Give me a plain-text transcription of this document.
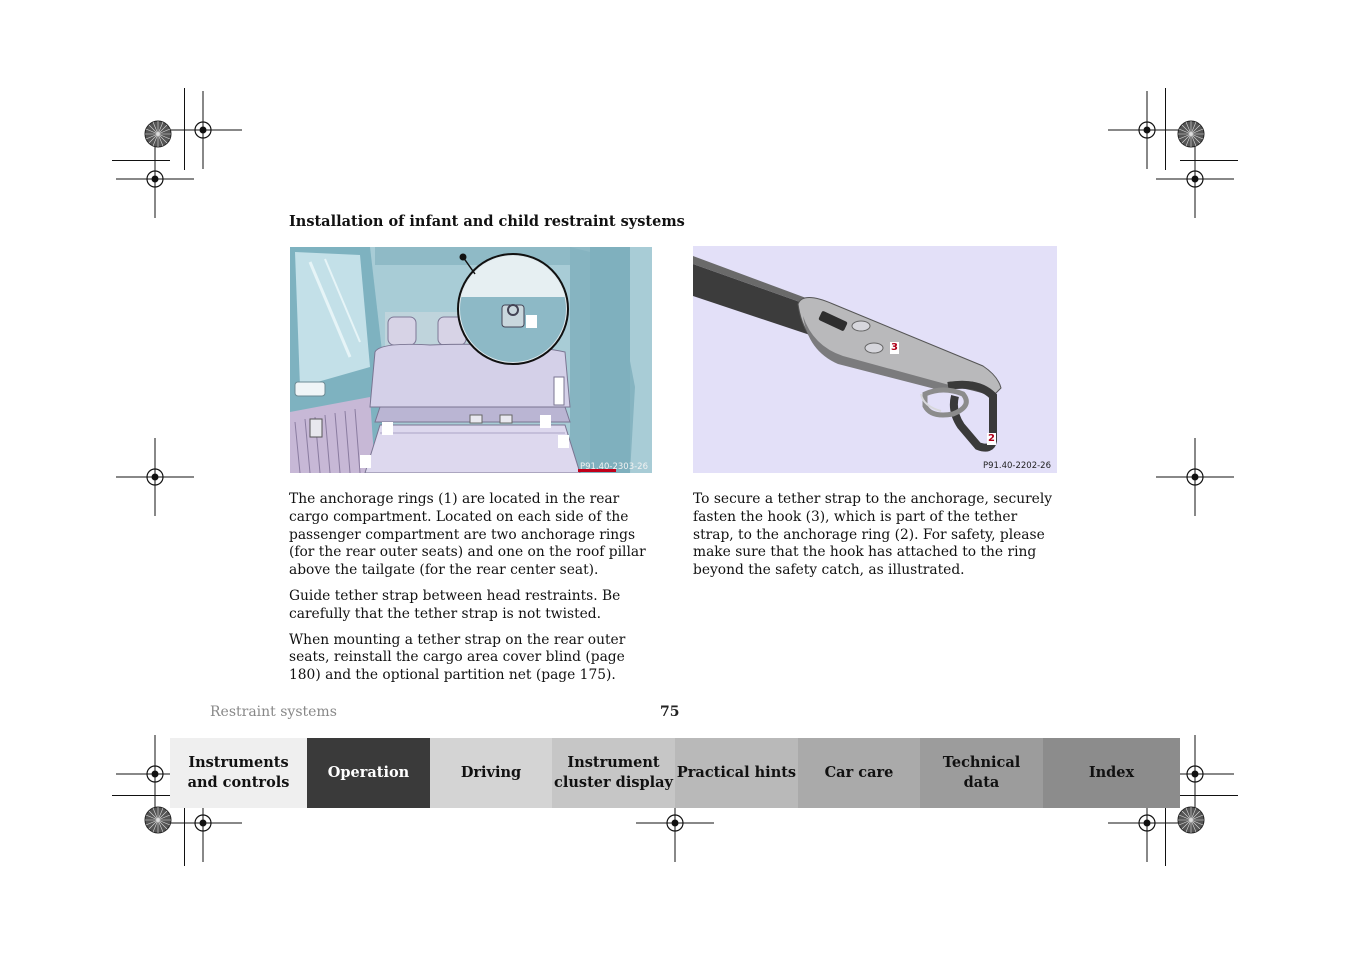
Installation of infant and child restraint systems
P91.40-2303-26
3
2
P91.40-2202-26

The anchorage rings (1) are located in the rear cargo compartment. Located on each side of the passenger compartment are two anchorage rings (for the rear outer seats) and one on the roof pillar above the tailgate (for the rear center seat).

Guide tether strap between head restraints. Be carefully that the tether strap is not twisted.

When mounting a tether strap on the rear outer seats, reinstall the cargo area cover blind (page 180) and the optional partition net (page 175).

To secure a tether strap to the anchorage, securely fasten the hook (3), which is part of the tether strap, to the anchorage ring (2). For safety, please make sure that the hook has attached to the ring beyond the safety catch, as illustrated.

Restraint systems	75
Instruments
and controls
Operation	Driving
Instrument
cluster display
Practical hints Car care
Technical
data
Index
